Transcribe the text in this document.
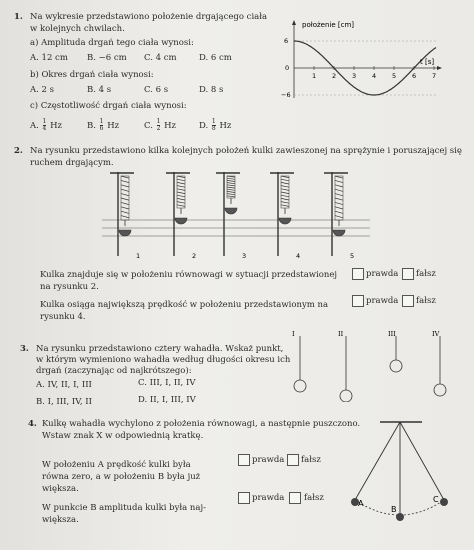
1. Na wykresie przedstawiono położenie drgającego ciała
w kolejnych chwilach.
a) Amplituda drgań tego ciała wynosi:
A. 12 cm B. −6 cm C. 4 cm	D. 6 cm
b) Okres drgań ciała wynosi:
A. 2 s	B. 4 s	C. 6 s	D. 8 s
c) Częstotliwość drgań ciała wynosi:
A. $\frac{1}{4}$ Hz	B. $\frac{1}{6}$ Hz	C. $\frac{1}{2}$ Hz	D. $\frac{1}{8}$ Hz
położenie [cm]
t [s]
6
0
−6
1 2 3 4 5 6 7
2. Na rysunku przedstawiono kilka kolejnych położeń kulki zawieszonej na sprężynie i poruszającej się
ruchem drgającym.
1	2	3	4	5
Kulka znajduje się w położeniu równowagi w sytuacji przedstawionej
na rysunku 2.
prawda fałsz
Kulka osiąga największą prędkość w położeniu przedstawionym na
rysunku 4.
prawda fałsz
3. Na rysunku przedstawiono cztery wahadła. Wskaż punkt,
w którym wymieniono wahadła według długości okresu ich
drgań (zaczynając od najkrótszego):
A. IV, II, I, III
B. I, III, IV, II
C. III, I, II, IV
D. II, I, III, IV
I	II	III	IV
4. Kulkę wahadła wychylono z położenia równowagi, a następnie puszczono.
Wstaw znak X w odpowiednią kratkę.
W położeniu A prędkość kulki była
równa zero, a w położeniu B była już
większa.
prawda fałsz
W punkcie B amplituda kulki była naj-
większa.
prawda fałsz
A
B
C
